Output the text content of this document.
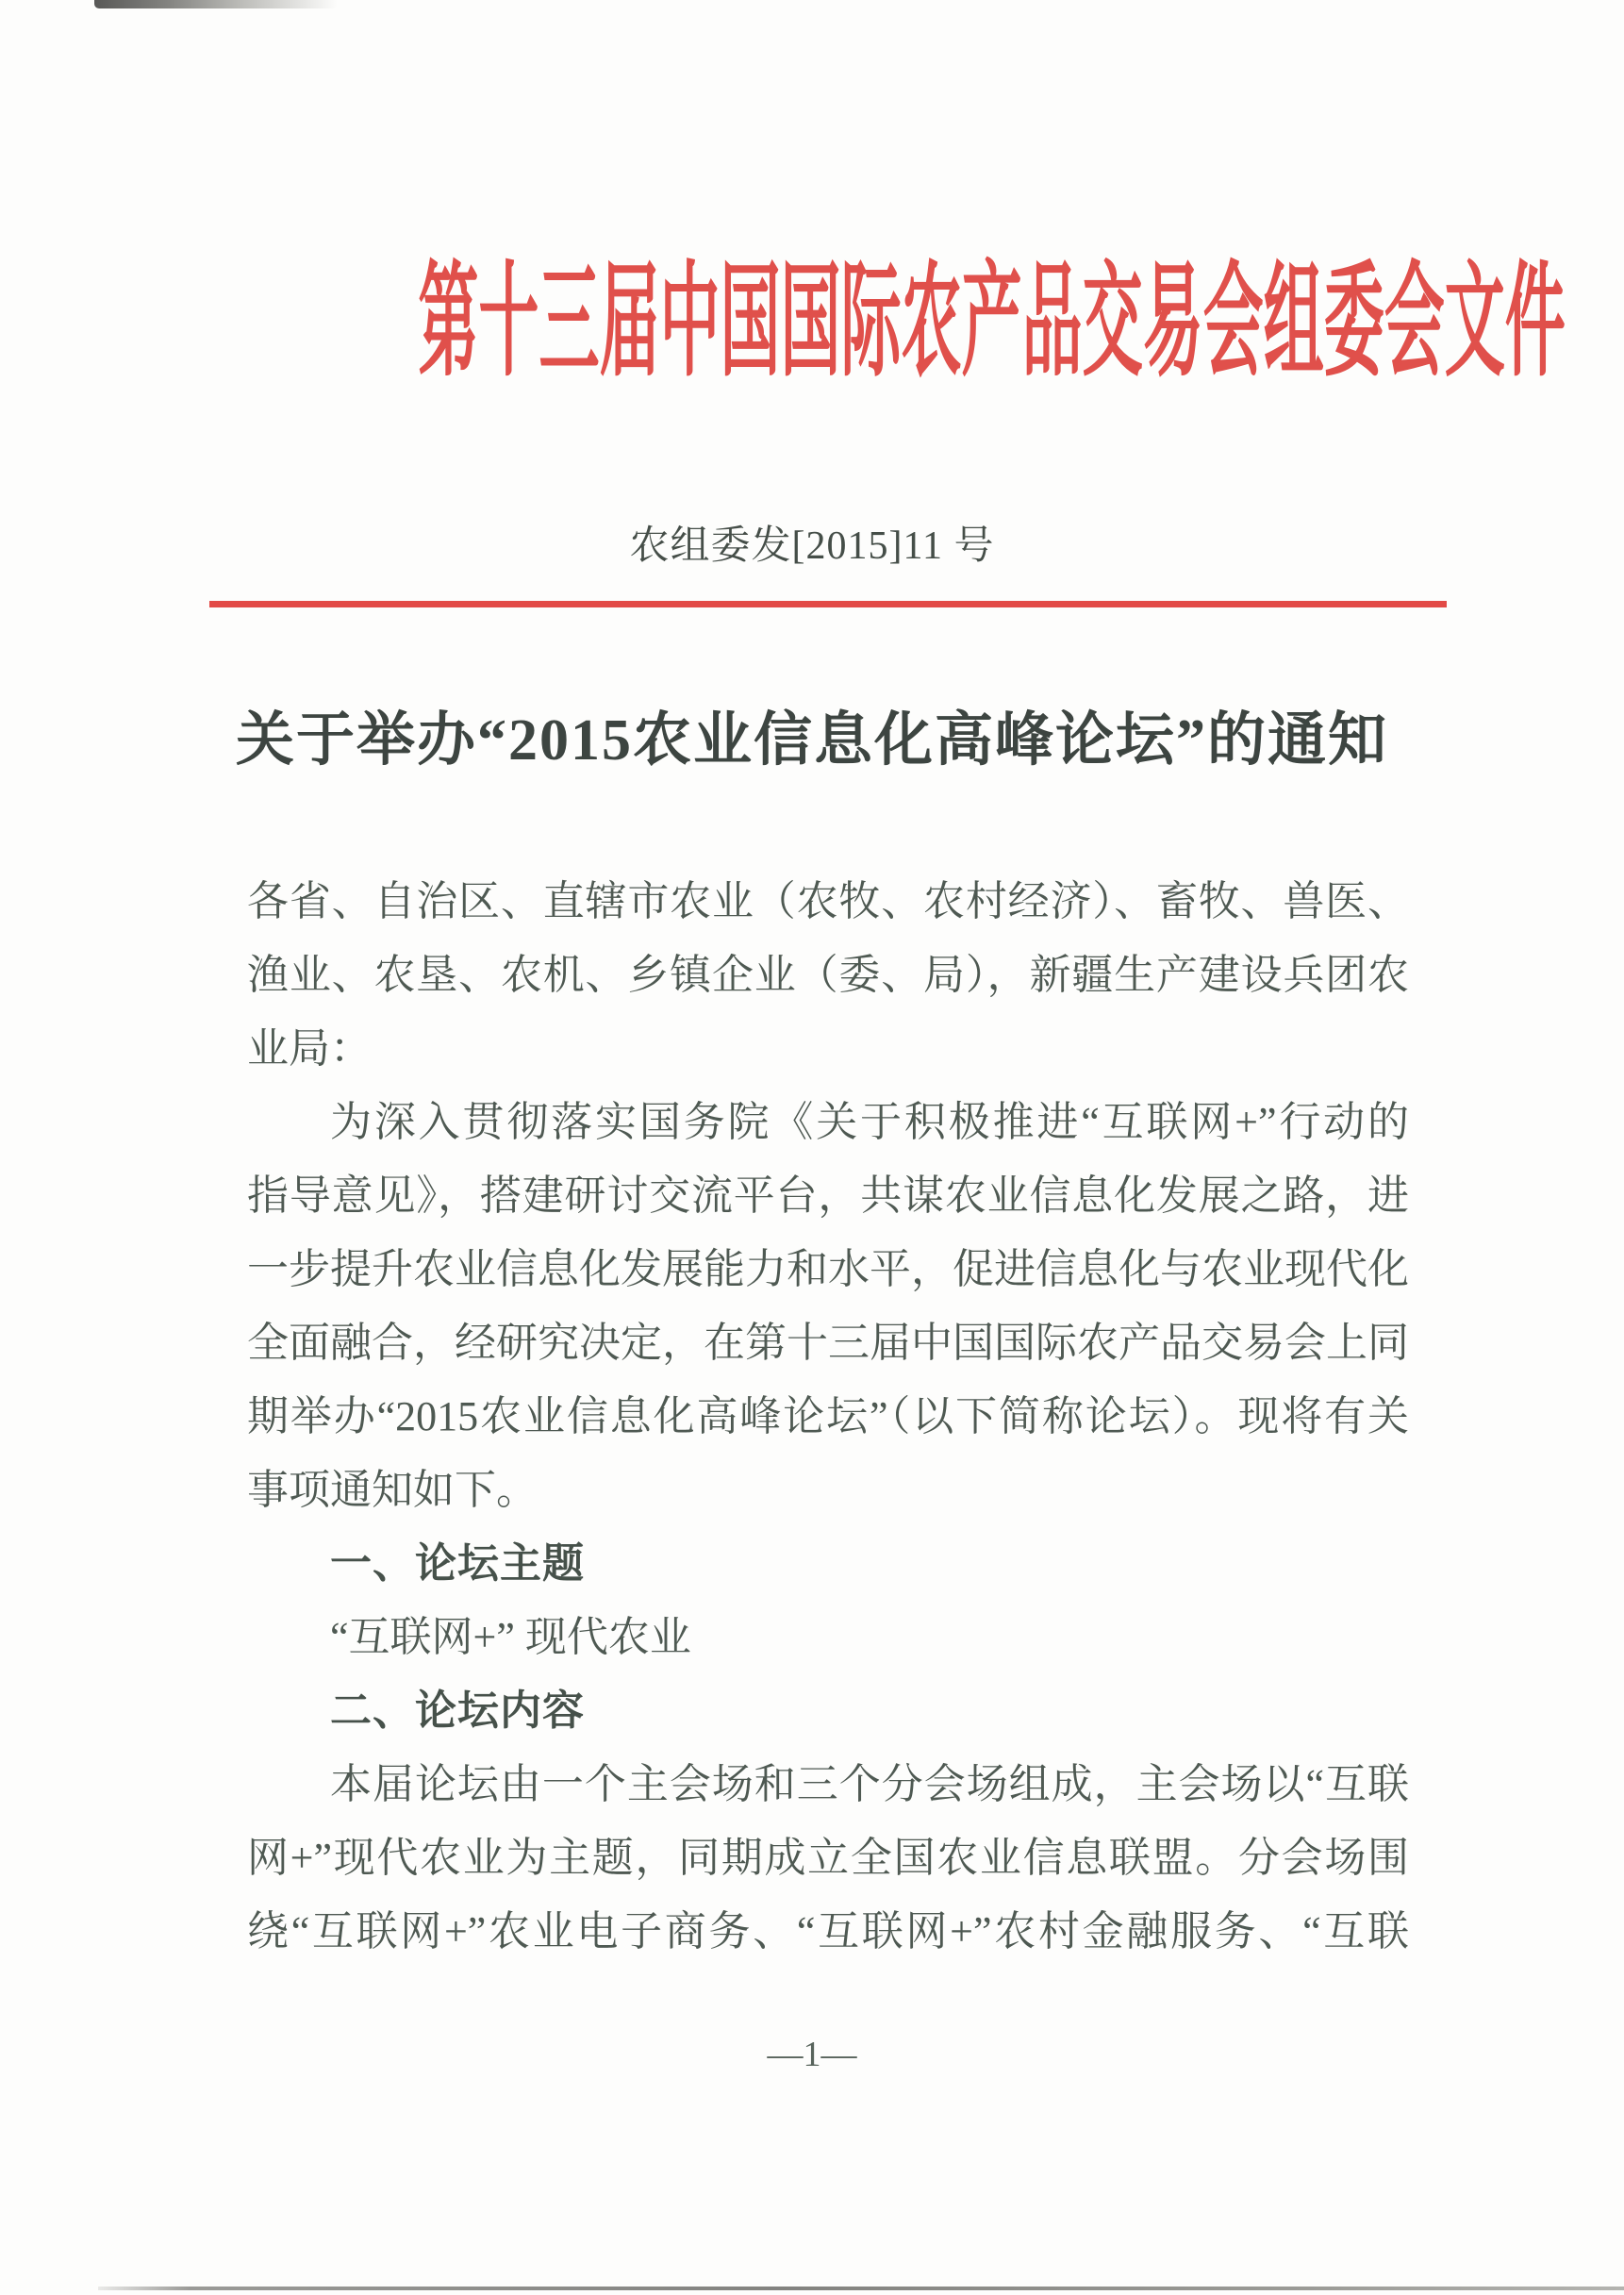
第十三届中国国际农产品交易会组委会文件
农组委发[2015]11 号
关于举办“2015农业信息化高峰论坛”的通知
各省、自治区、直辖市农业（农牧、农村经济）、畜牧、兽医、
渔业、农垦、农机、乡镇企业（委、局），新疆生产建设兵团农
业局：
为深入贯彻落实国务院《关于积极推进“互联网+”行动的
指导意见》，搭建研讨交流平台，共谋农业信息化发展之路，进
一步提升农业信息化发展能力和水平，促进信息化与农业现代化
全面融合，经研究决定，在第十三届中国国际农产品交易会上同
期举办“2015农业信息化高峰论坛”（以下简称论坛）。现将有关
事项通知如下。
一、论坛主题
“互联网+” 现代农业
二、论坛内容
本届论坛由一个主会场和三个分会场组成，主会场以“互联
网+”现代农业为主题，同期成立全国农业信息联盟。分会场围
绕“互联网+”农业电子商务、“互联网+”农村金融服务、“互联
—1—
